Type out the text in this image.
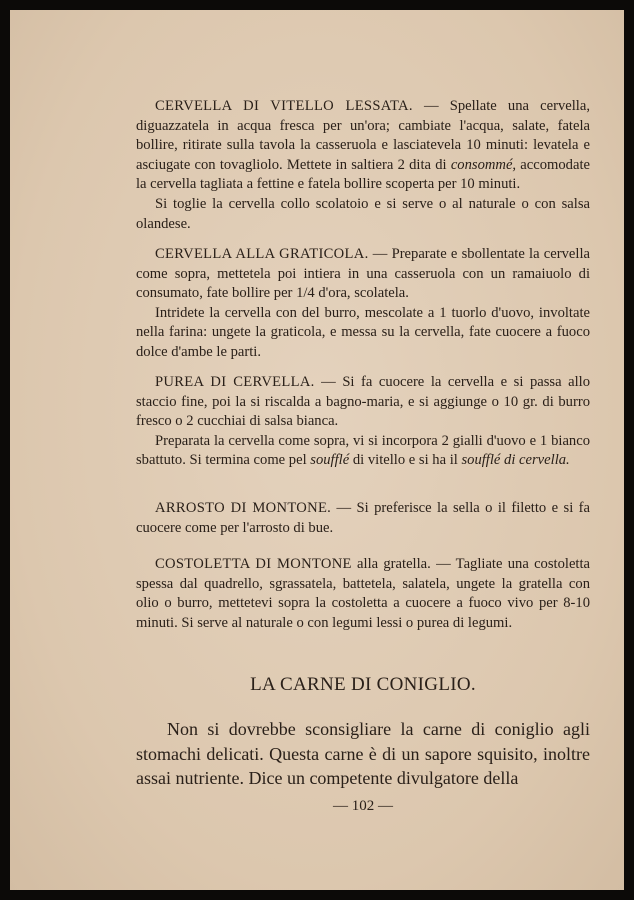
CERVELLA DI VITELLO LESSATA. — Spellate una cervella, diguazzatela in acqua fresca per un'ora; cambiate l'acqua, salate, fatela bollire, ritirate sulla tavola la casseruola e lasciatevela 10 minuti: levatela e asciugate con tovagliolo. Mettete in saltiera 2 dita di consommé, accomodate la cervella tagliata a fettine e fatela bollire scoperta per 10 minuti.

Si toglie la cervella collo scolatoio e si serve o al naturale o con salsa olandese.

CERVELLA ALLA GRATICOLA. — Preparate e sbollentate la cervella come sopra, mettetela poi intiera in una casseruola con un ramaiuolo di consumato, fate bollire per 1/4 d'ora, scolatela.

Intridete la cervella con del burro, mescolate a 1 tuorlo d'uovo, involtate nella farina: ungete la graticola, e messa su la cervella, fate cuocere a fuoco dolce d'ambe le parti.

PUREA DI CERVELLA. — Si fa cuocere la cervella e si passa allo staccio fine, poi la si riscalda a bagno-maria, e si aggiunge o 10 gr. di burro fresco o 2 cucchiai di salsa bianca.

Preparata la cervella come sopra, vi si incorpora 2 gialli d'uovo e 1 bianco sbattuto. Si termina come pel soufflé di vitello e si ha il soufflé di cervella.

ARROSTO DI MONTONE. — Si preferisce la sella o il filetto e si fa cuocere come per l'arrosto di bue.

COSTOLETTA DI MONTONE alla gratella. — Tagliate una costoletta spessa dal quadrello, sgrassatela, battetela, salatela, ungete la gratella con olio o burro, mettetevi sopra la costoletta a cuocere a fuoco vivo per 8-10 minuti. Si serve al naturale o con legumi lessi o purea di legumi.

LA CARNE DI CONIGLIO.

Non si dovrebbe sconsigliare la carne di coniglio agli stomachi delicati. Questa carne è di un sapore squisito, inoltre assai nutriente. Dice un competente divulgatore della

— 102 —
